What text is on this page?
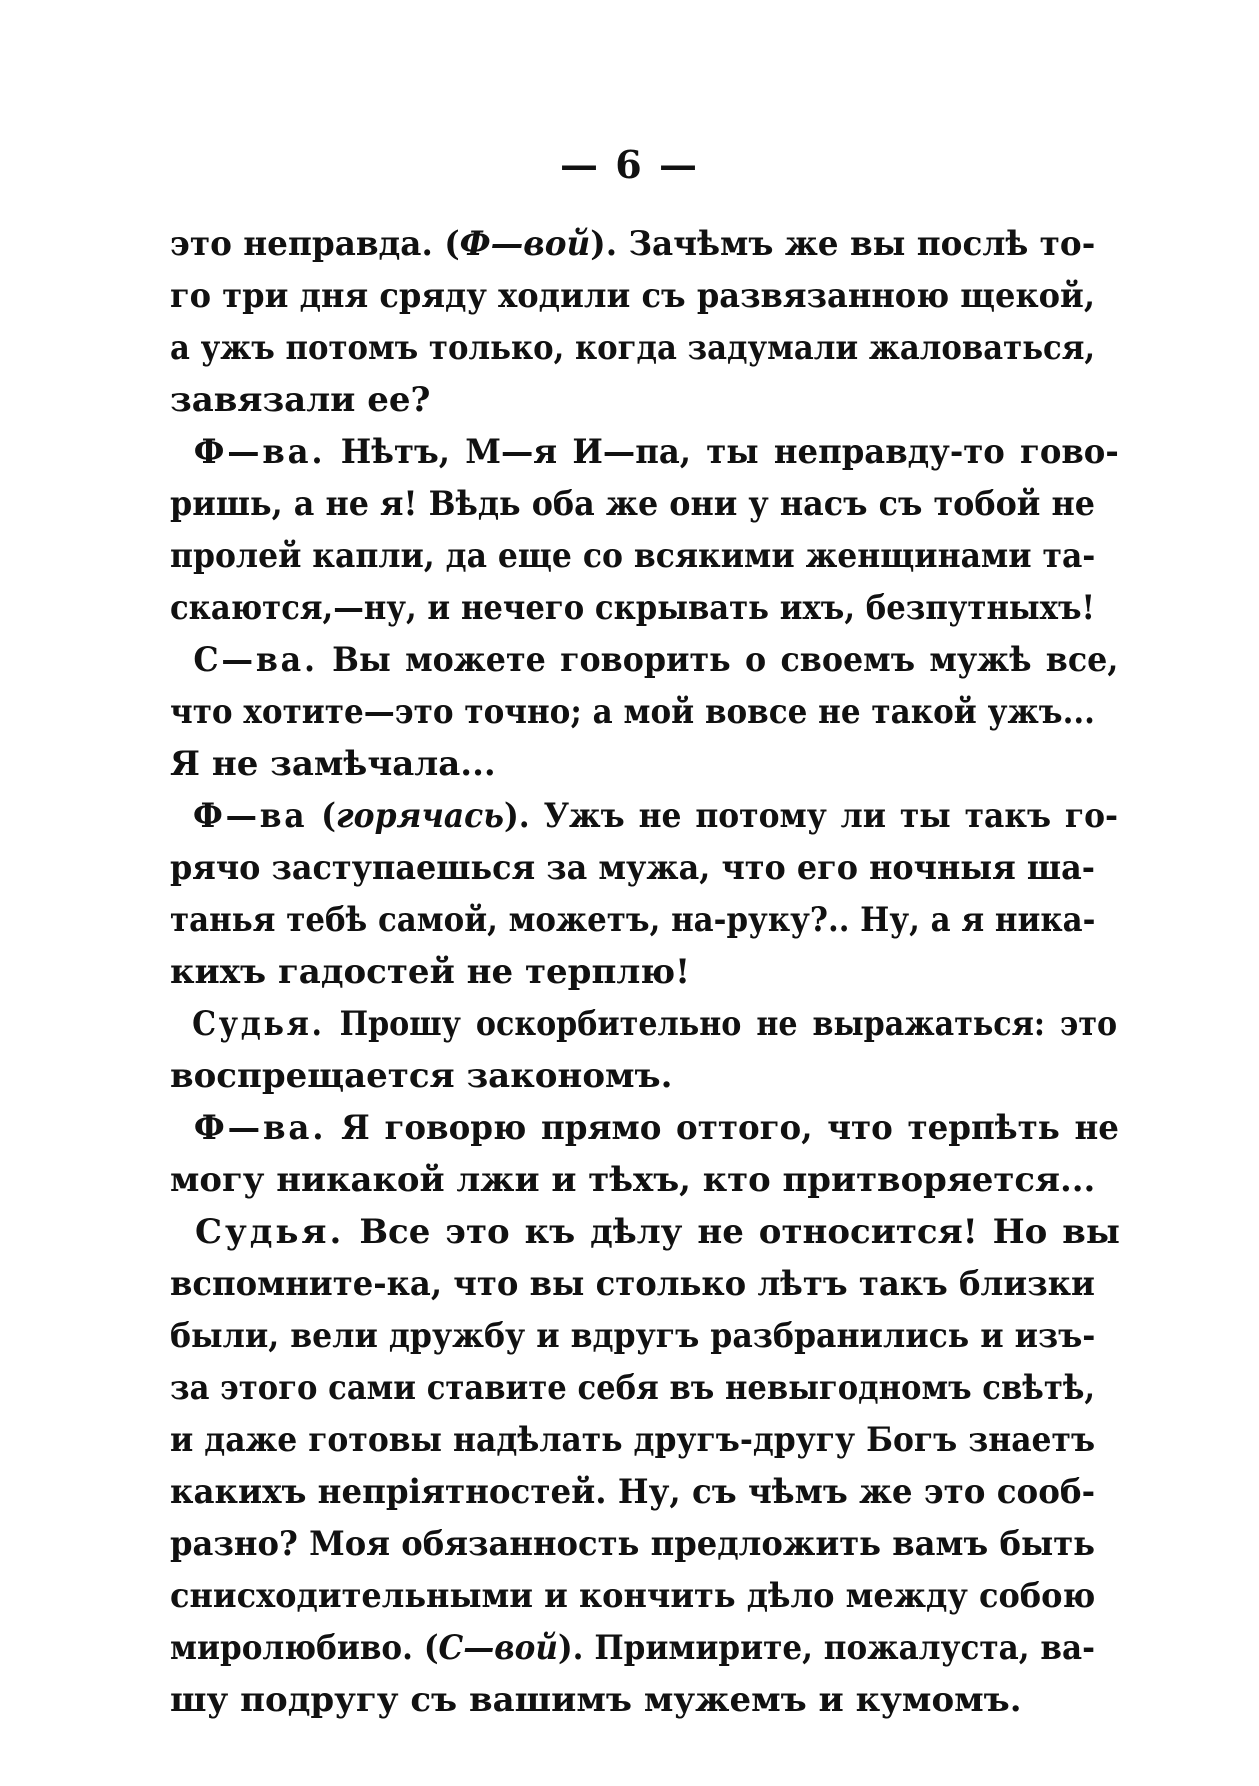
— 6 —
это неправда. (Ф—вой). Зачѣмъ же вы послѣ то-
го три дня сряду ходили съ развязанною щекой,
а ужъ потомъ только, когда задумали жаловаться,
завязали ее?
Ф—ва. Нѣтъ, М—я И—па, ты неправду-то гово-
ришь, а не я! Вѣдь оба же они у насъ съ тобой не
пролей капли, да еще со всякими женщинами та-
скаются,—ну, и нечего скрывать ихъ, безпутныхъ!
С—ва. Вы можете говорить о своемъ мужѣ все,
что хотите—это точно; а мой вовсе не такой ужъ...
Я не замѣчала...
Ф—ва (горячась). Ужъ не потому ли ты такъ го-
рячо заступаешься за мужа, что его ночныя ша-
танья тебѣ самой, можетъ, на-руку?.. Ну, а я ника-
кихъ гадостей не терплю!
Судья. Прошу оскорбительно не выражаться: это
воспрещается закономъ.
Ф—ва. Я говорю прямо оттого, что терпѣть не
могу никакой лжи и тѣхъ, кто притворяется...
Судья. Все это къ дѣлу не относится! Но вы
вспомните-ка, что вы столько лѣтъ такъ близки
были, вели дружбу и вдругъ разбранились и изъ-
за этого сами ставите себя въ невыгодномъ свѣтѣ,
и даже готовы надѣлать другъ-другу Богъ знаетъ
какихъ непріятностей. Ну, съ чѣмъ же это сооб-
разно? Моя обязанность предложить вамъ быть
снисходительными и кончить дѣло между собою
миролюбиво. (С—вой). Примирите, пожалуста, ва-
шу подругу съ вашимъ мужемъ и кумомъ.
